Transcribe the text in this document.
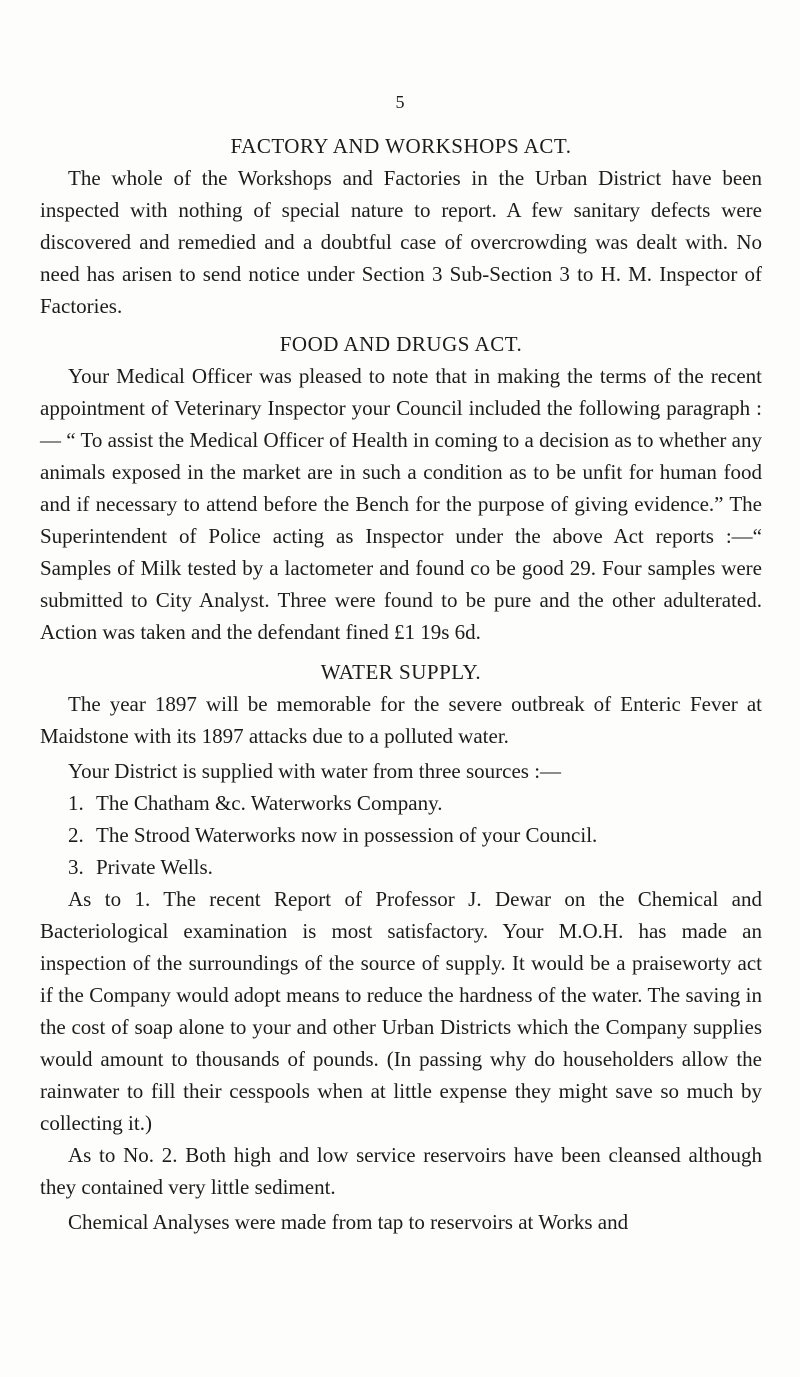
5

FACTORY AND WORKSHOPS ACT.

The whole of the Workshops and Factories in the Urban District have been inspected with nothing of special nature to report. A few sanitary defects were discovered and remedied and a doubtful case of overcrowding was dealt with. No need has arisen to send notice under Section 3 Sub-Section 3 to H. M. Inspector of Factories.

FOOD AND DRUGS ACT.

Your Medical Officer was pleased to note that in making the terms of the recent appointment of Veterinary Inspector your Council included the following paragraph :— “ To assist the Medical Officer of Health in coming to a decision as to whether any animals exposed in the market are in such a condition as to be unfit for human food and if necessary to attend before the Bench for the purpose of giving evidence.” The Superintendent of Police acting as Inspector under the above Act reports :—“ Samples of Milk tested by a lactometer and found co be good 29. Four samples were submitted to City Analyst. Three were found to be pure and the other adulterated. Action was taken and the defendant fined £1 19s 6d.

WATER SUPPLY.

The year 1897 will be memorable for the severe outbreak of Enteric Fever at Maidstone with its 1897 attacks due to a polluted water.

Your District is supplied with water from three sources :—

1. The Chatham &c. Waterworks Company.
2. The Strood Waterworks now in possession of your Council.
3. Private Wells.

As to 1. The recent Report of Professor J. Dewar on the Chemical and Bacteriological examination is most satisfactory. Your M.O.H. has made an inspection of the surroundings of the source of supply. It would be a praiseworty act if the Company would adopt means to reduce the hardness of the water. The saving in the cost of soap alone to your and other Urban Districts which the Company supplies would amount to thousands of pounds. (In passing why do householders allow the rainwater to fill their cesspools when at little expense they might save so much by collecting it.)

As to No. 2. Both high and low service reservoirs have been cleansed although they contained very little sediment.

Chemical Analyses were made from tap to reservoirs at Works and
